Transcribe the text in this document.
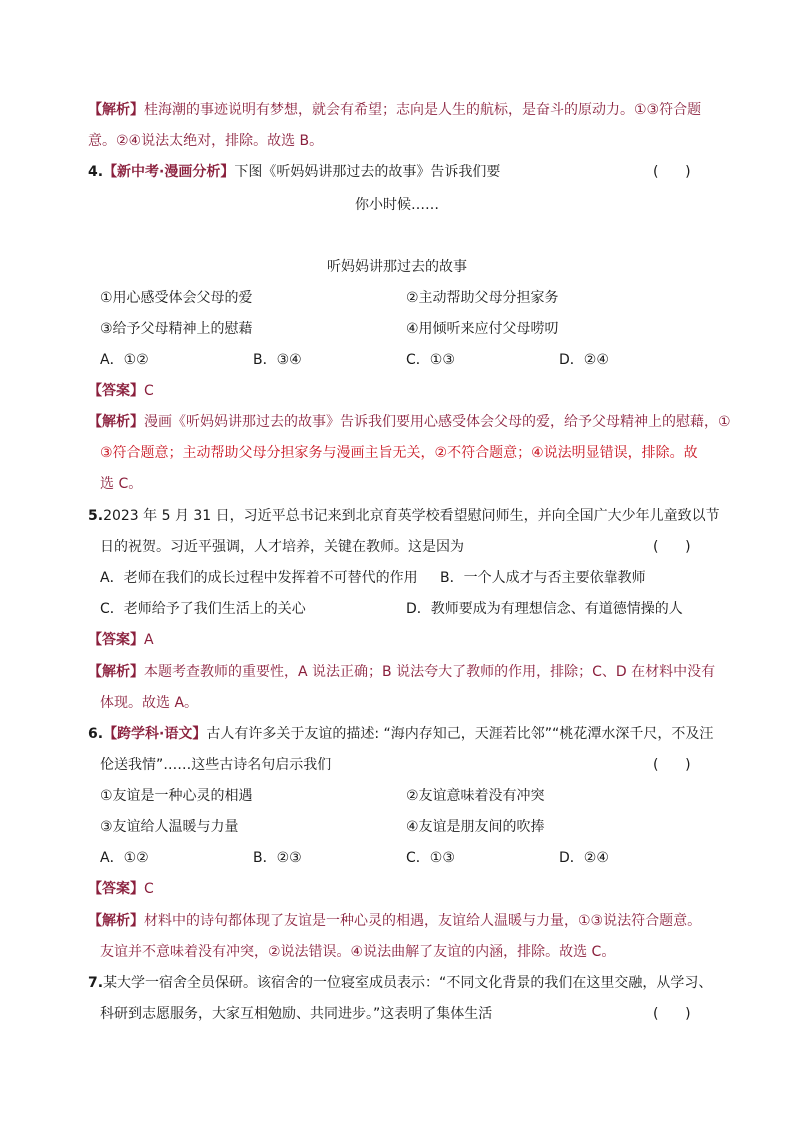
【解析】桂海潮的事迹说明有梦想，就会有希望；志向是人生的航标，是奋斗的原动力。①③符合题
意。②④说法太绝对，排除。故选 B。
4.【新中考·漫画分析】下图《听妈妈讲那过去的故事》告诉我们要	(      )
你小时候……
听妈妈讲那过去的故事
①用心感受体会父母的爱	②主动帮助父母分担家务
③给予父母精神上的慰藉	④用倾听来应付父母唠叨
A．①②	B．③④	C．①③	D．②④
【答案】C
【解析】漫画《听妈妈讲那过去的故事》告诉我们要用心感受体会父母的爱，给予父母精神上的慰藉，①
③符合题意；主动帮助父母分担家务与漫画主旨无关，②不符合题意；④说法明显错误，排除。故
选 C。
5.2023 年 5 月 31 日，习近平总书记来到北京育英学校看望慰问师生，并向全国广大少年儿童致以节
日的祝贺。习近平强调，人才培养，关键在教师。这是因为	(      )
A．老师在我们的成长过程中发挥着不可替代的作用 B．一个人成才与否主要依靠教师
C．老师给予了我们生活上的关心	D．教师要成为有理想信念、有道德情操的人
【答案】A
【解析】本题考查教师的重要性，A 说法正确；B 说法夸大了教师的作用，排除；C、D 在材料中没有
体现。故选 A。
6.【跨学科·语文】古人有许多关于友谊的描述: “海内存知己，天涯若比邻”“桃花潭水深千尺，不及汪
伦送我情”……这些古诗名句启示我们	(      )
①友谊是一种心灵的相遇	②友谊意味着没有冲突
③友谊给人温暖与力量	④友谊是朋友间的吹捧
A．①②	B．②③	C．①③	D．②④
【答案】C
【解析】材料中的诗句都体现了友谊是一种心灵的相遇，友谊给人温暖与力量，①③说法符合题意。
友谊并不意味着没有冲突，②说法错误。④说法曲解了友谊的内涵，排除。故选 C。
7.某大学一宿舍全员保研。该宿舍的一位寝室成员表示：“不同文化背景的我们在这里交融，从学习、
科研到志愿服务，大家互相勉励、共同进步。”这表明了集体生活	(      )
